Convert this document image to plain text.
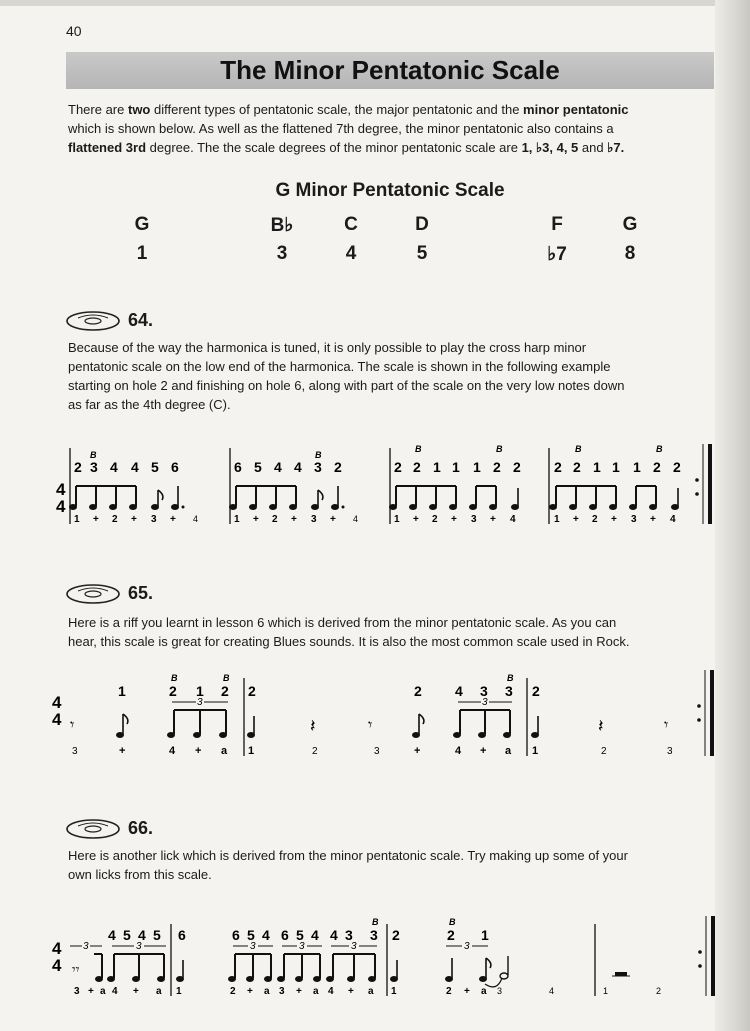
40
The Minor Pentatonic Scale
There are two different types of pentatonic scale, the major pentatonic and the minor pentatonic
which is shown below. As well as the flattened 7th degree, the minor pentatonic also contains a
flattened 3rd degree. The the scale degrees of the minor pentatonic scale are 1, ♭3, 4, 5 and ♭7.
G Minor Pentatonic Scale
G	B♭	C	D	F	G
1	3	4	5	♭7	8
64.
Because of the way the harmonica is tuned, it is only possible to play the cross harp minor
pentatonic scale on the low end of the harmonica. The scale is shown in the following example
starting on hole 2 and finishing on hole 6, along with part of the scale on the very low notes down
as far as the 4th degree (C).
4
4
B
2 3 4 4 5 6
1 + 2 + 3 + 4
B
6 5 4 4 3 2
1 + 2 + 3 + 4
B	B
2 2 1 1 1 2 2
1 + 2 + 3 + 4
B	B
2 2 1 1 1 2 2
1 + 2 + 3 + 4
65.
Here is a riff you learnt in lesson 6 which is derived from the minor pentatonic scale. As you can
hear, this scale is great for creating Blues sounds. It is also the most common scale used in Rock.
4
4
B	B	B
1	2 1 2 2	2 4 3 3 2
𝄾
3
𝄽	𝄾
3
𝄽	𝄾
3	+	4 + a 1	2	3	+	4 + a 1	2	3
66.
Here is another lick which is derived from the minor pentatonic scale. Try making up some of your
own licks from this scale.
4
4
4 5 4 5 6	6 5 4 6 5 4 4 3
B
3 2
B
2 1
𝄾𝄾
3	3	3	3	3	3
3 + a 4 + a 1	2 + a 3 + a 4 + a 1	2 + a 3	4	1	2
